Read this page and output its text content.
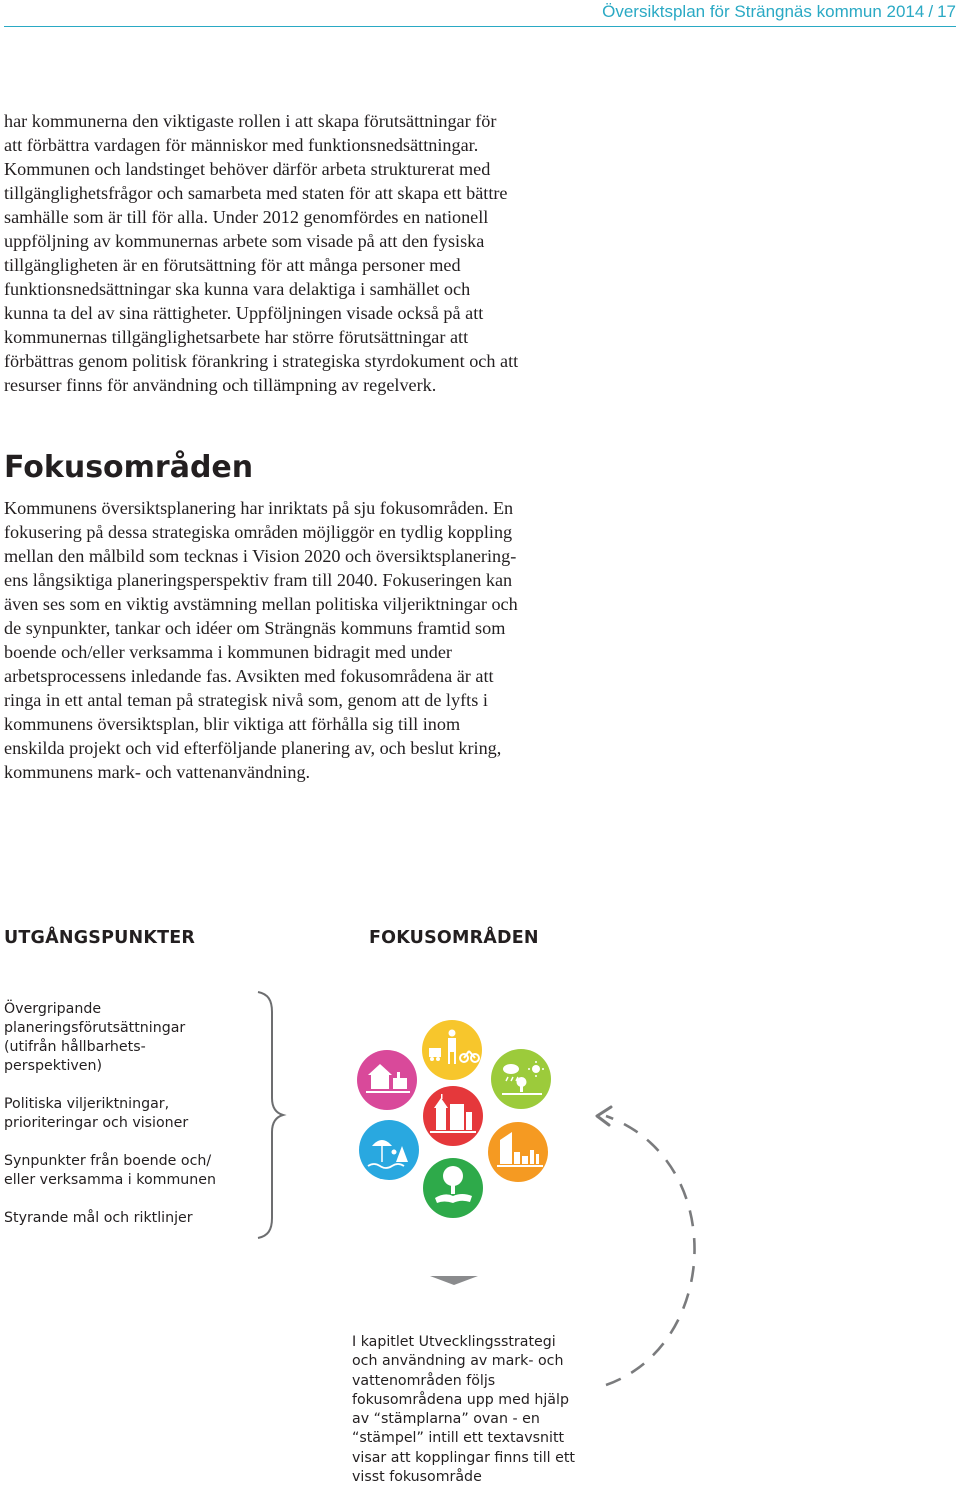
Översiktsplan för Strängnäs kommun 2014 / 17
har kommunerna den viktigaste rollen i att skapa förutsättningar för
att förbättra vardagen för människor med funktionsnedsättningar.
Kommunen och landstinget behöver därför arbeta strukturerat med
tillgänglighetsfrågor och samarbeta med staten för att skapa ett bättre
samhälle som är till för alla. Under 2012 genomfördes en nationell
uppföljning av kommunernas arbete som visade på att den fysiska
tillgängligheten är en förutsättning för att många personer med
funktionsnedsättningar ska kunna vara delaktiga i samhället och
kunna ta del av sina rättigheter. Uppföljningen visade också på att
kommunernas tillgänglighetsarbete har större förutsättningar att
förbättras genom politisk förankring i strategiska styrdokument och att
resurser finns för användning och tillämpning av regelverk.
Fokusområden
Kommunens översiktsplanering har inriktats på sju fokusområden. En
fokusering på dessa strategiska områden möjliggör en tydlig koppling
mellan den målbild som tecknas i Vision 2020 och översiktsplanering-
ens långsiktiga planeringsperspektiv fram till 2040. Fokuseringen kan
även ses som en viktig avstämning mellan politiska viljeriktningar och
de synpunkter, tankar och idéer om Strängnäs kommuns framtid som
boende och/eller verksamma i kommunen bidragit med under
arbetsprocessens inledande fas. Avsikten med fokusområdena är att
ringa in ett antal teman på strategisk nivå som, genom att de lyfts i
kommunens översiktsplan, blir viktiga att förhålla sig till inom
enskilda projekt och vid efterföljande planering av, och beslut kring,
kommunens mark- och vattenanvändning.
UTGÅNGSPUNKTER	FOKUSOMRÅDEN
Övergripande
planeringsförutsättningar
(utifrån hållbarhets-
perspektiven)
Politiska viljeriktningar,
prioriteringar och visioner
Synpunkter från boende och/
eller verksamma i kommunen
Styrande mål och riktlinjer
I kapitlet Utvecklingsstrategi
och användning av mark- och
vattenområden följs
fokusområdena upp med hjälp
av “stämplarna” ovan - en
“stämpel” intill ett textavsnitt
visar att kopplingar finns till ett
visst fokusområde
